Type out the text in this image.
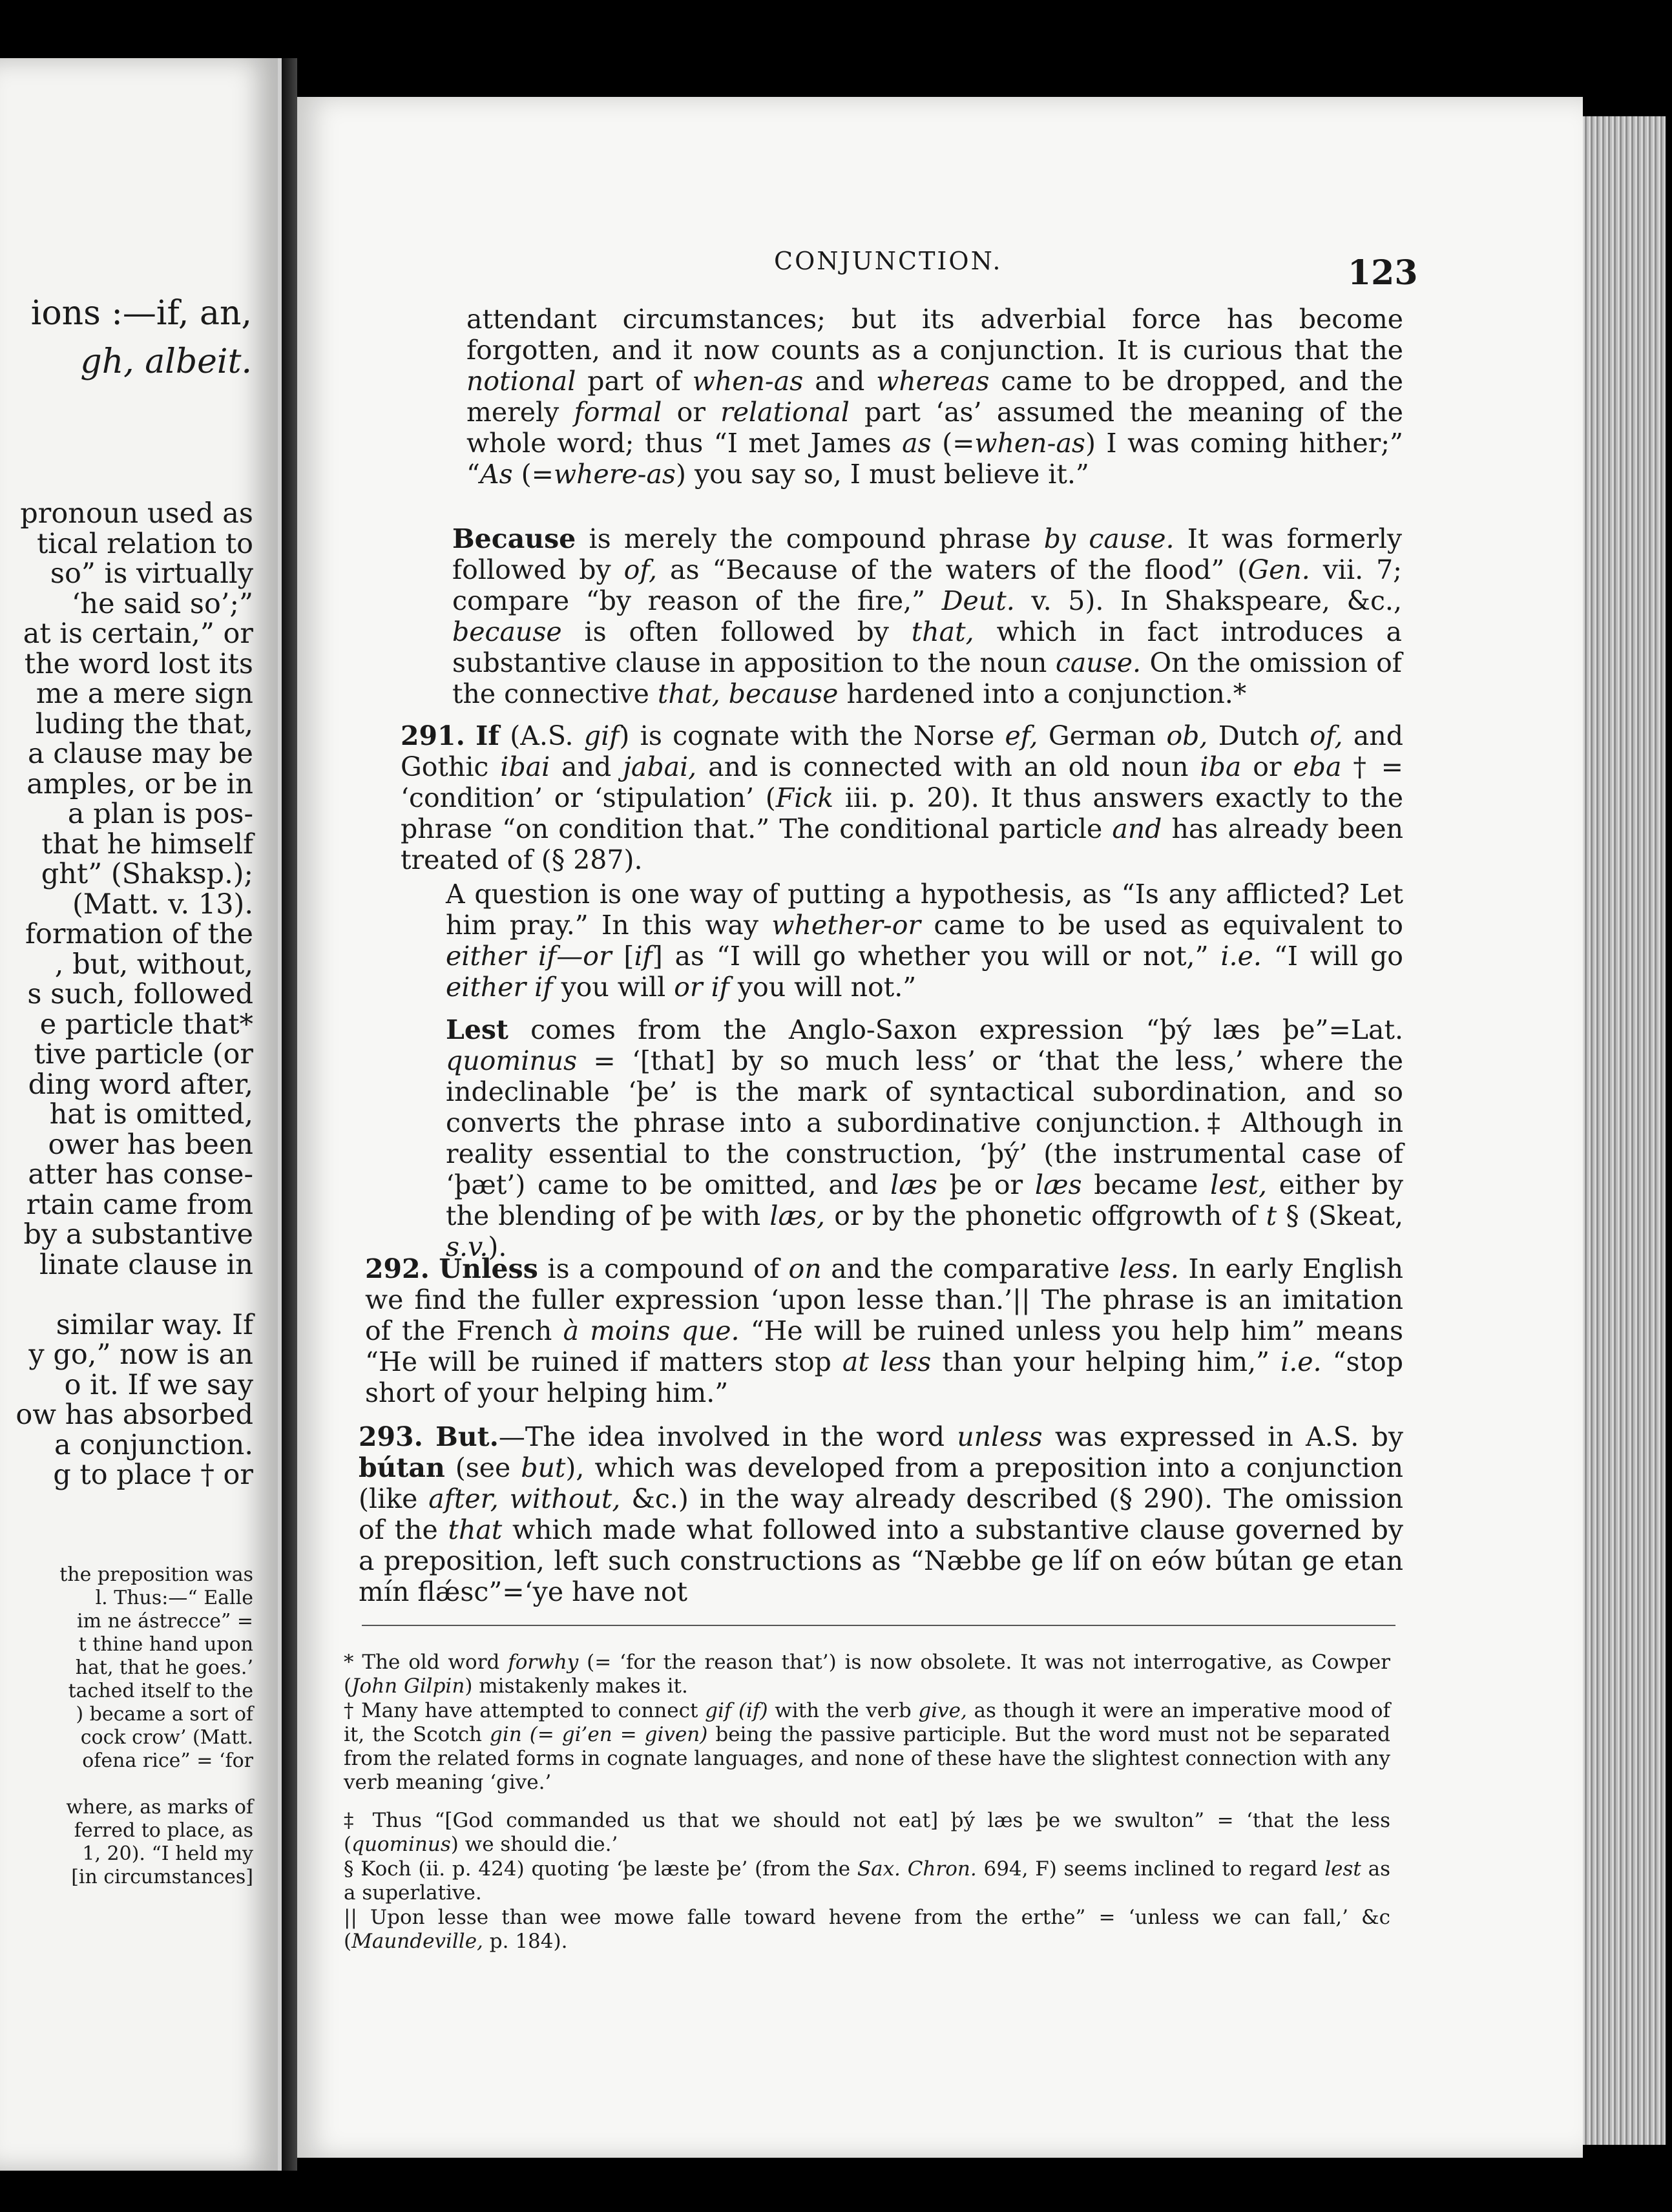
ions :—if, an,
gh, albeit.
pronoun used as
tical relation to
so” is virtually
‘he said so’;”
at is certain,” or
the word lost its
me a mere sign
luding the that,
a clause may be
amples, or be in
a plan is pos-
that he himself
ght” (Shaksp.);
(Matt. v. 13).
formation of the
, but, without,
s such, followed
e particle that*
tive particle (or
ding word after,
hat is omitted,
ower has been
atter has conse-
rtain came from
by a substantive
linate clause in
similar way. If
y go,” now is an
o it. If we say
ow has absorbed
a conjunction.
g to place † or
the preposition was
l. Thus:—“ Ealle
im ne ástrecce” =
t thine hand upon
hat, that he goes.’
tached itself to the
) became a sort of
cock crow’ (Matt.
ofena rice” = ‘for
where, as marks of
ferred to place, as
1, 20). “I held my
[in circumstances]
CONJUNCTION.	123
attendant circumstances; but its adverbial force has become forgotten, and it now counts as a conjunction. It is curious that the notional part of when-as and whereas came to be dropped, and the merely formal or relational part ‘as’ assumed the meaning of the whole word; thus “I met James as (=when-as) I was coming hither;” “As (=where-as) you say so, I must believe it.”
Because is merely the compound phrase by cause. It was formerly followed by of, as “Because of the waters of the flood” (Gen. vii. 7; compare “by reason of the fire,” Deut. v. 5). In Shakspeare, &c., because is often followed by that, which in fact introduces a substantive clause in apposition to the noun cause. On the omission of the connective that, because hardened into a conjunction.*
291. If (A.S. gif) is cognate with the Norse ef, German ob, Dutch of, and Gothic ibai and jabai, and is connected with an old noun iba or eba † = ‘condition’ or ‘stipulation’ (Fick iii. p. 20). It thus answers exactly to the phrase “on condition that.” The conditional particle and has already been treated of (§ 287).
A question is one way of putting a hypothesis, as “Is any afflicted? Let him pray.” In this way whether-or came to be used as equivalent to either if—or [if] as “I will go whether you will or not,” i.e. “I will go either if you will or if you will not.”
Lest comes from the Anglo-Saxon expression “þý læs þe”=Lat. quominus = ‘[that] by so much less’ or ‘that the less,’ where the indeclinable ‘þe’ is the mark of syntactical subordination, and so converts the phrase into a subordinative conjunction.‡ Although in reality essential to the construction, ‘þý’ (the instrumental case of ‘þæt’) came to be omitted, and læs þe or læs became lest, either by the blending of þe with læs, or by the phonetic offgrowth of t § (Skeat, s.v.).
292. Unless is a compound of on and the comparative less. In early English we find the fuller expression ‘upon lesse than.’|| The phrase is an imitation of the French à moins que. “He will be ruined unless you help him” means “He will be ruined if matters stop at less than your helping him,” i.e. “stop short of your helping him.”
293. But.—The idea involved in the word unless was expressed in A.S. by bútan (see but), which was developed from a preposition into a conjunction (like after, without, &c.) in the way already described (§ 290). The omission of the that which made what followed into a substantive clause governed by a preposition, left such constructions as “Næbbe ge líf on eów bútan ge etan mín flǽsc”=‘ye have not
* The old word forwhy (= ‘for the reason that’) is now obsolete. It was not interrogative, as Cowper (John Gilpin) mistakenly makes it.
† Many have attempted to connect gif (if) with the verb give, as though it were an imperative mood of it, the Scotch gin (= gi’en = given) being the passive participle. But the word must not be separated from the related forms in cognate languages, and none of these have the slightest connection with any verb meaning ‘give.’
‡ Thus “[God commanded us that we should not eat] þý læs þe we swulton” = ‘that the less (quominus) we should die.’
§ Koch (ii. p. 424) quoting ‘þe læste þe’ (from the Sax. Chron. 694, F) seems inclined to regard lest as a superlative.
|| Upon lesse than wee mowe falle toward hevene from the erthe” = ‘unless we can fall,’ &c (Maundeville, p. 184).
